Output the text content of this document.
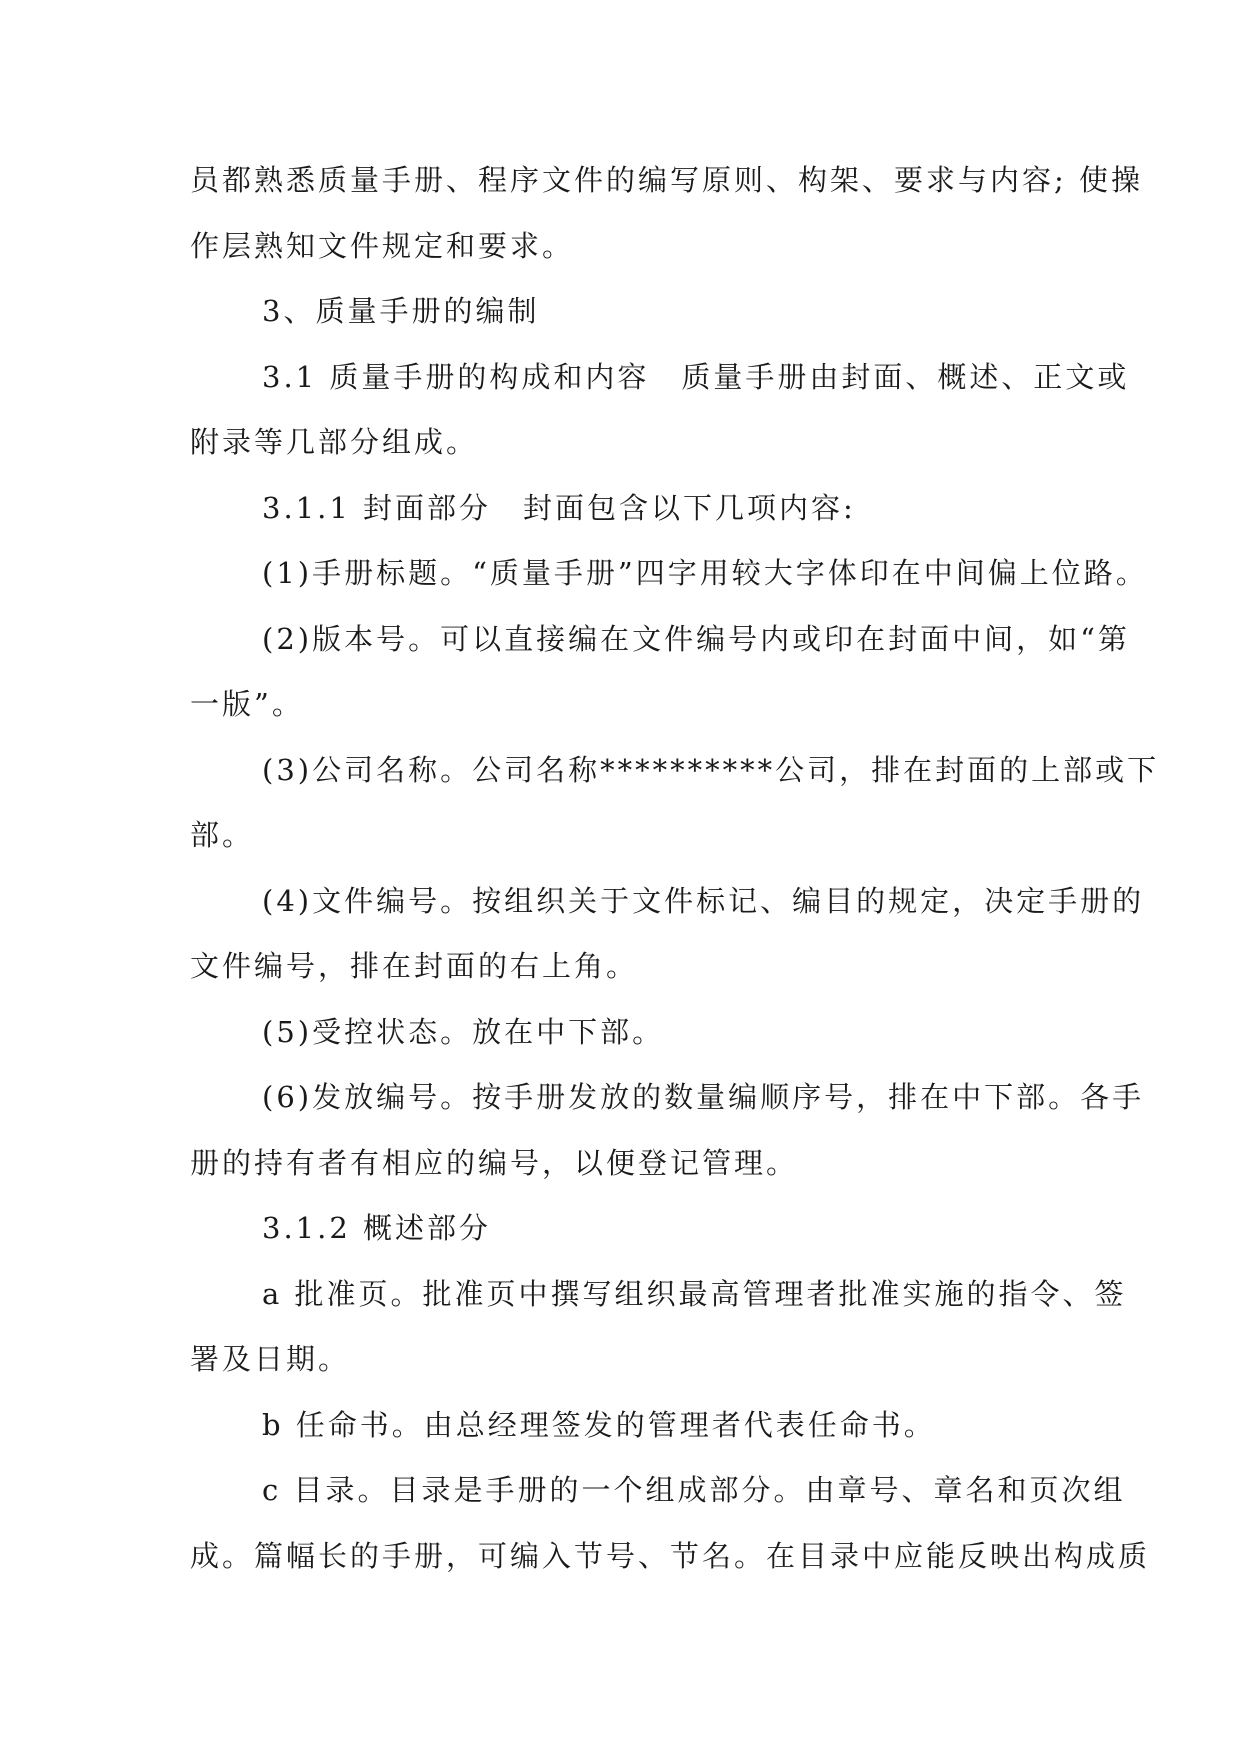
员都熟悉质量手册、程序文件的编写原则、构架、要求与内容; 使操
作层熟知文件规定和要求。
3、质量手册的编制
3.1 质量手册的构成和内容　质量手册由封面、概述、正文或
附录等几部分组成。
3.1.1 封面部分　封面包含以下几项内容:
(1)手册标题。“质量手册”四字用较大字体印在中间偏上位路。
(2)版本号。可以直接编在文件编号内或印在封面中间，如“第
一版”。
(3)公司名称。公司名称**********公司，排在封面的上部或下
部。
(4)文件编号。按组织关于文件标记、编目的规定，决定手册的
文件编号，排在封面的右上角。
(5)受控状态。放在中下部。
(6)发放编号。按手册发放的数量编顺序号，排在中下部。各手
册的持有者有相应的编号，以便登记管理。
3.1.2 概述部分
a 批准页。批准页中撰写组织最高管理者批准实施的指令、签
署及日期。
b 任命书。由总经理签发的管理者代表任命书。
c 目录。目录是手册的一个组成部分。由章号、章名和页次组
成。篇幅长的手册，可编入节号、节名。在目录中应能反映出构成质
